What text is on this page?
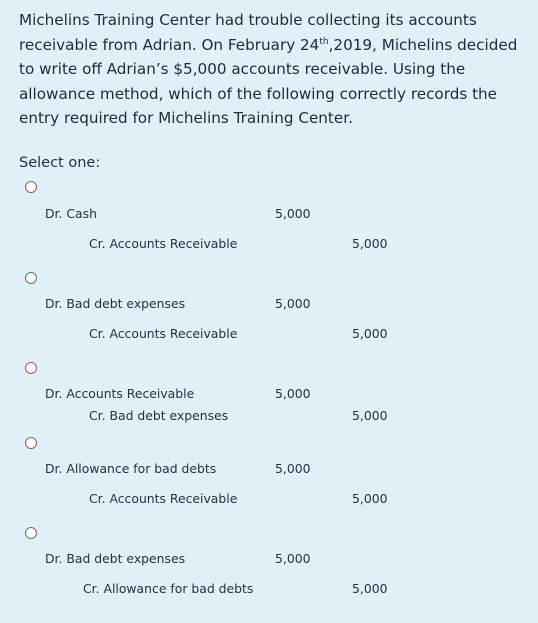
Michelins Training Center had trouble collecting its accounts receivable from Adrian. On February 24th,2019, Michelins decided to write off Adrian’s $5,000 accounts receivable. Using the allowance method, which of the following correctly records the entry required for Michelins Training Center.

Select one:
Dr. Cash	5,000
Cr. Accounts Receivable	5,000
Dr. Bad debt expenses	5,000
Cr. Accounts Receivable	5,000
Dr. Accounts Receivable	5,000
Cr. Bad debt expenses	5,000
Dr. Allowance for bad debts	5,000
Cr. Accounts Receivable	5,000
Dr. Bad debt expenses	5,000
Cr. Allowance for bad debts	5,000
